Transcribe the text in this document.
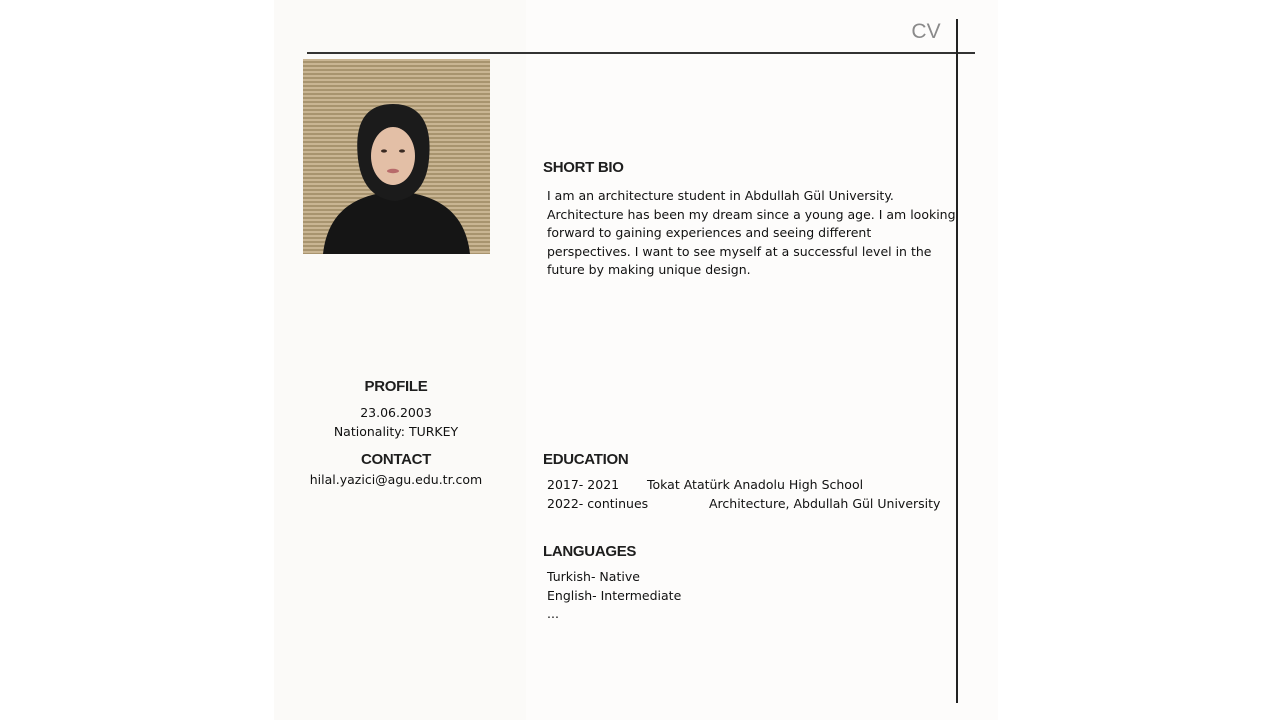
CV
SHORT BIO
I am an architecture student in Abdullah Gül University.
Architecture has been my dream since a young age. I am looking
forward to gaining experiences and seeing different
perspectives. I want to see myself at a successful level in the
future by making unique design.
PROFILE
23.06.2003
Nationality: TURKEY
CONTACT
hilal.yazici@agu.edu.tr.com
EDUCATION
2017- 2021 Tokat Atatürk Anadolu High School
2022- continues	Architecture, Abdullah Gül University
LANGUAGES
Turkish- Native
English- Intermediate
...
